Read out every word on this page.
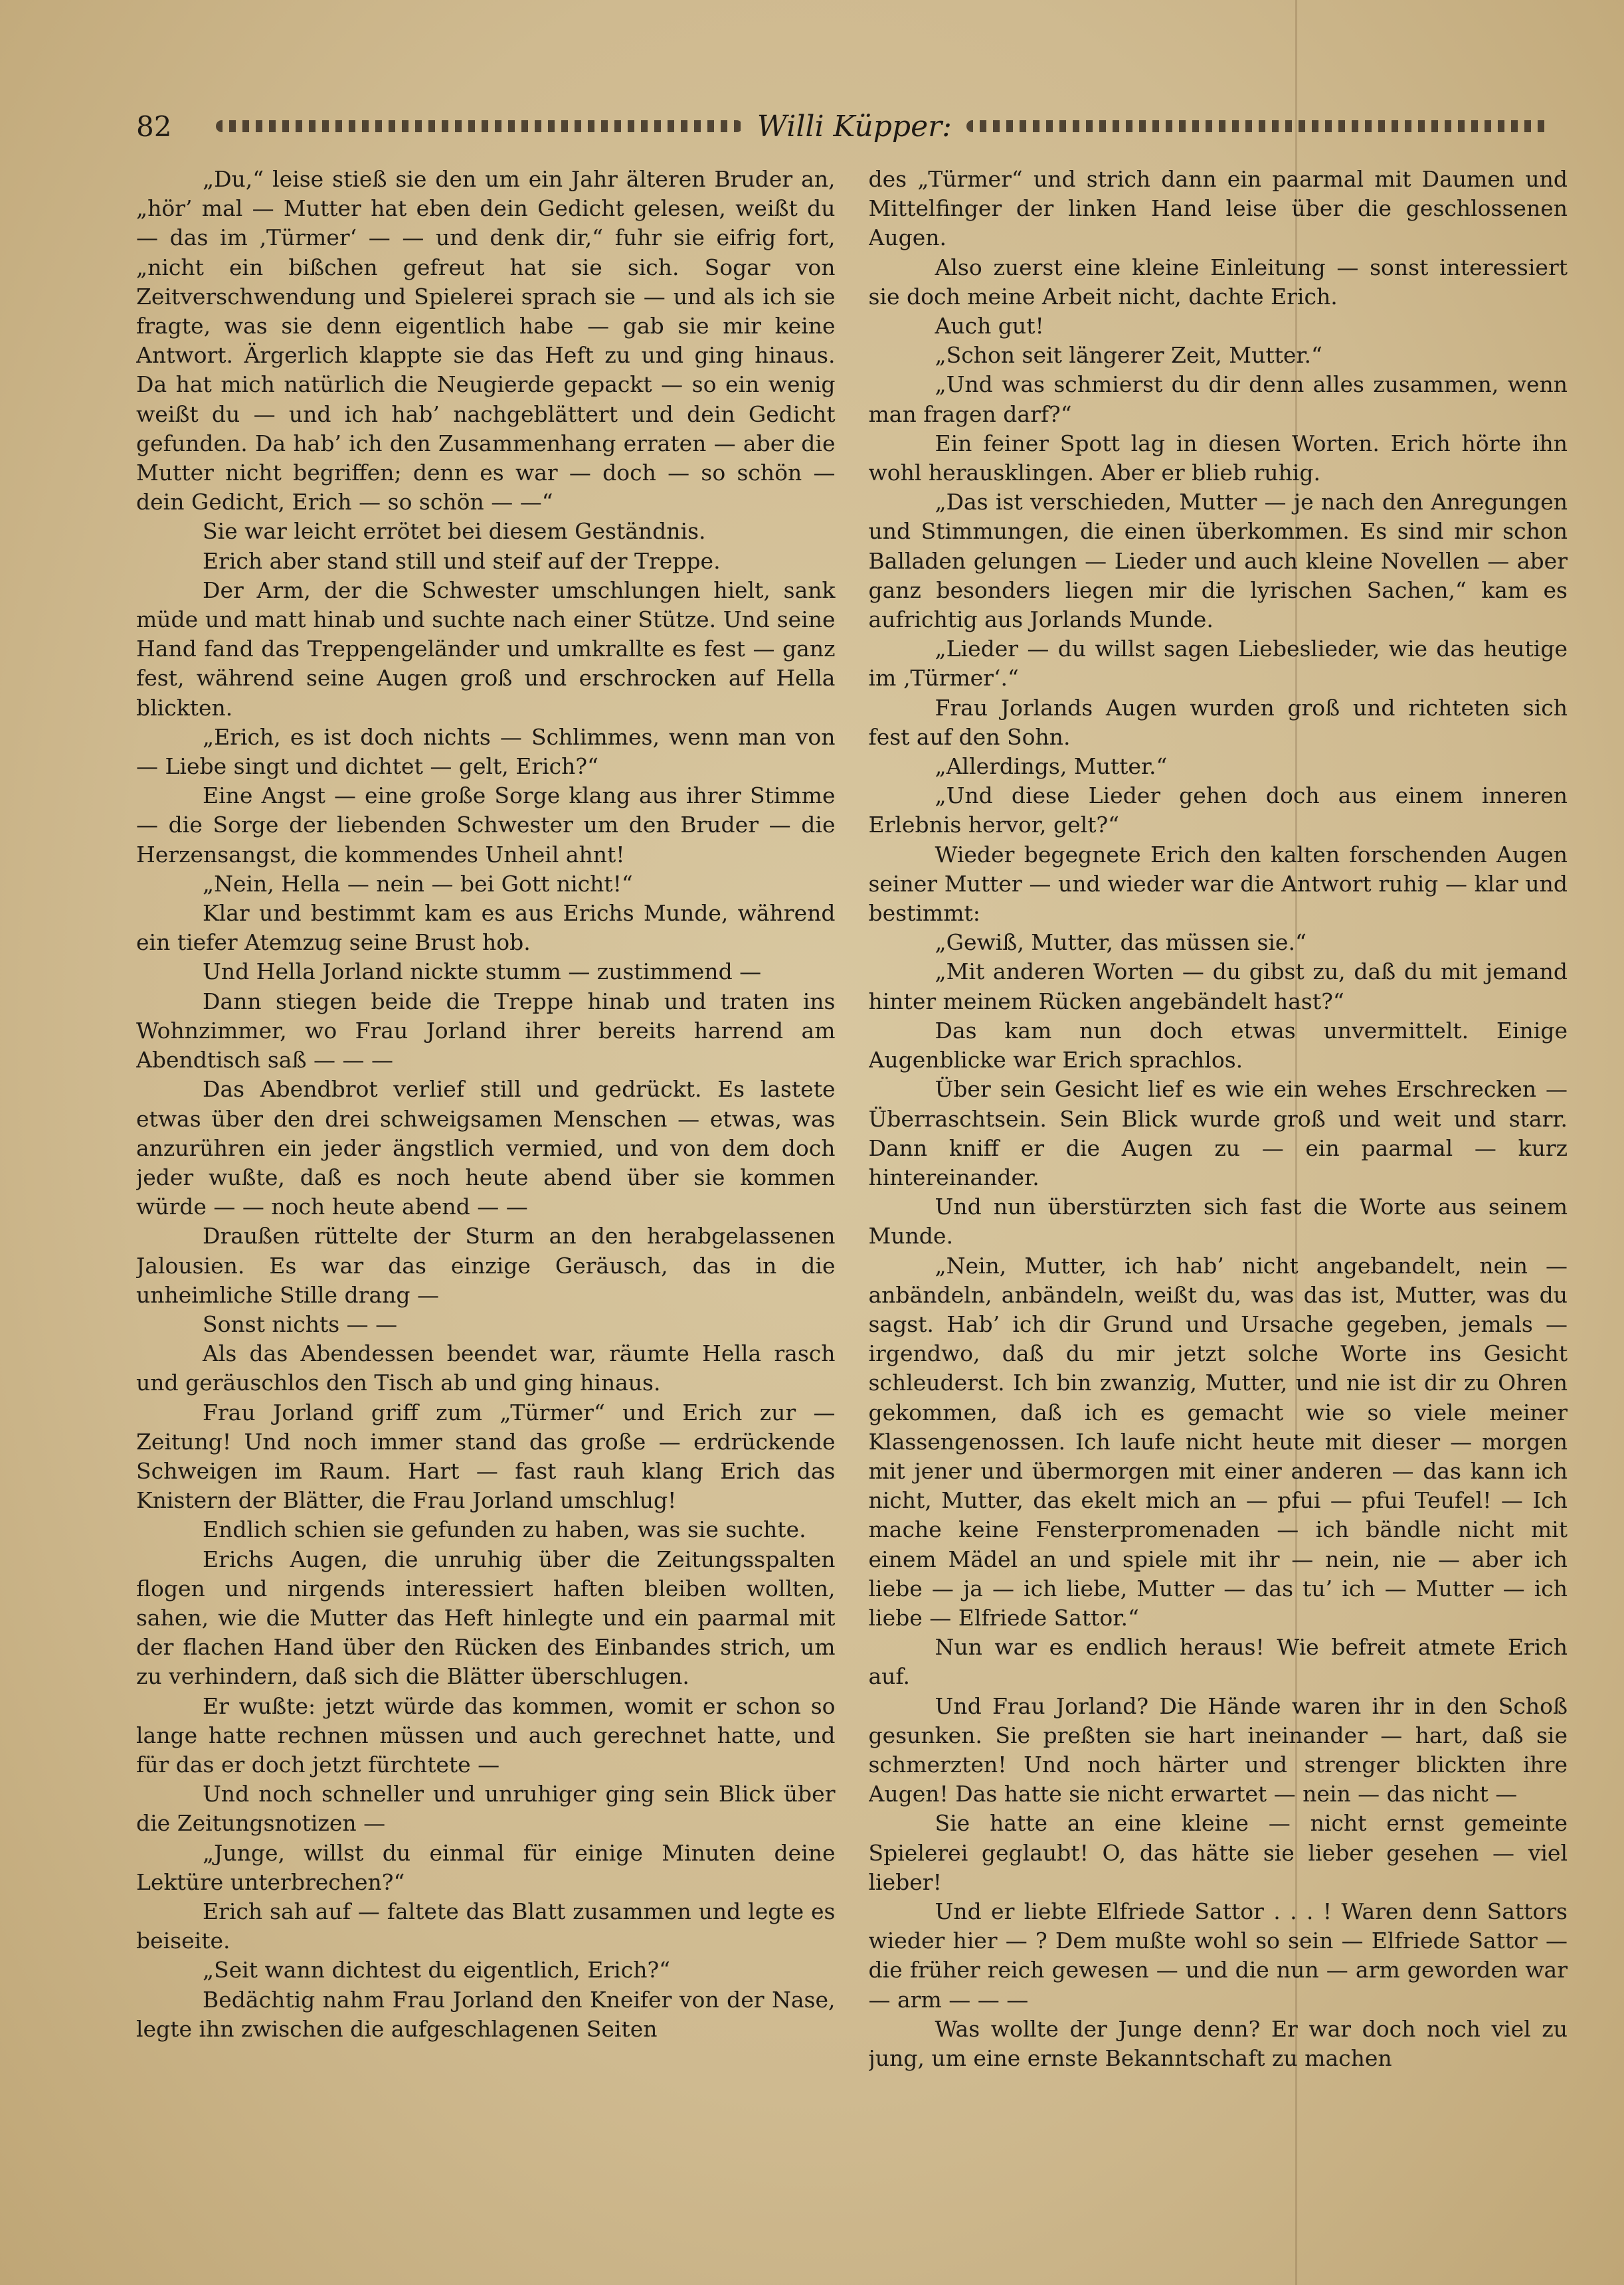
82	Willi Küpper:

„Du,“ leise stieß sie den um ein Jahr älteren Bruder an, „hör’ mal — Mutter hat eben dein Gedicht gelesen, weißt du — das im ‚Türmer‘ — — und denk dir,“ fuhr sie eifrig fort, „nicht ein bißchen gefreut hat sie sich. Sogar von Zeitverschwendung und Spielerei sprach sie — und als ich sie fragte, was sie denn eigentlich habe — gab sie mir keine Antwort. Ärgerlich klappte sie das Heft zu und ging hinaus. Da hat mich natürlich die Neugierde gepackt — so ein wenig weißt du — und ich hab’ nachgeblättert und dein Gedicht gefunden. Da hab’ ich den Zusammenhang erraten — aber die Mutter nicht begriffen; denn es war — doch — so schön — dein Gedicht, Erich — so schön — —“

Sie war leicht errötet bei diesem Geständnis.

Erich aber stand still und steif auf der Treppe.

Der Arm, der die Schwester umschlungen hielt, sank müde und matt hinab und suchte nach einer Stütze. Und seine Hand fand das Treppengeländer und umkrallte es fest — ganz fest, während seine Augen groß und erschrocken auf Hella blickten.

„Erich, es ist doch nichts — Schlimmes, wenn man von — Liebe singt und dichtet — gelt, Erich?“

Eine Angst — eine große Sorge klang aus ihrer Stimme — die Sorge der liebenden Schwester um den Bruder — die Herzensangst, die kommendes Unheil ahnt!

„Nein, Hella — nein — bei Gott nicht!“

Klar und bestimmt kam es aus Erichs Munde, während ein tiefer Atemzug seine Brust hob.

Und Hella Jorland nickte stumm — zustimmend —

Dann stiegen beide die Treppe hinab und traten ins Wohnzimmer, wo Frau Jorland ihrer bereits harrend am Abendtisch saß — — —

Das Abendbrot verlief still und gedrückt. Es lastete etwas über den drei schweigsamen Menschen — etwas, was anzurühren ein jeder ängstlich vermied, und von dem doch jeder wußte, daß es noch heute abend über sie kommen würde — — noch heute abend — —

Draußen rüttelte der Sturm an den herabgelassenen Jalousien. Es war das einzige Geräusch, das in die unheimliche Stille drang —

Sonst nichts — —

Als das Abendessen beendet war, räumte Hella rasch und geräuschlos den Tisch ab und ging hinaus.

Frau Jorland griff zum „Türmer“ und Erich zur — Zeitung! Und noch immer stand das große — erdrückende Schweigen im Raum. Hart — fast rauh klang Erich das Knistern der Blätter, die Frau Jorland umschlug!

Endlich schien sie gefunden zu haben, was sie suchte.

Erichs Augen, die unruhig über die Zeitungsspalten flogen und nirgends interessiert haften bleiben wollten, sahen, wie die Mutter das Heft hinlegte und ein paarmal mit der flachen Hand über den Rücken des Einbandes strich, um zu verhindern, daß sich die Blätter überschlugen.

Er wußte: jetzt würde das kommen, womit er schon so lange hatte rechnen müssen und auch gerechnet hatte, und für das er doch jetzt fürchtete —

Und noch schneller und unruhiger ging sein Blick über die Zeitungsnotizen —

„Junge, willst du einmal für einige Minuten deine Lektüre unterbrechen?“

Erich sah auf — faltete das Blatt zusammen und legte es beiseite.

„Seit wann dichtest du eigentlich, Erich?“

Bedächtig nahm Frau Jorland den Kneifer von der Nase, legte ihn zwischen die aufgeschlagenen Seiten

des „Türmer“ und strich dann ein paarmal mit Daumen und Mittelfinger der linken Hand leise über die geschlossenen Augen.

Also zuerst eine kleine Einleitung — sonst interessiert sie doch meine Arbeit nicht, dachte Erich.

Auch gut!

„Schon seit längerer Zeit, Mutter.“

„Und was schmierst du dir denn alles zusammen, wenn man fragen darf?“

Ein feiner Spott lag in diesen Worten. Erich hörte ihn wohl herausklingen. Aber er blieb ruhig.

„Das ist verschieden, Mutter — je nach den Anregungen und Stimmungen, die einen überkommen. Es sind mir schon Balladen gelungen — Lieder und auch kleine Novellen — aber ganz besonders liegen mir die lyrischen Sachen,“ kam es aufrichtig aus Jorlands Munde.

„Lieder — du willst sagen Liebeslieder, wie das heutige im ‚Türmer‘.“

Frau Jorlands Augen wurden groß und richteten sich fest auf den Sohn.

„Allerdings, Mutter.“

„Und diese Lieder gehen doch aus einem inneren Erlebnis hervor, gelt?“

Wieder begegnete Erich den kalten forschenden Augen seiner Mutter — und wieder war die Antwort ruhig — klar und bestimmt:

„Gewiß, Mutter, das müssen sie.“

„Mit anderen Worten — du gibst zu, daß du mit jemand hinter meinem Rücken angebändelt hast?“

Das kam nun doch etwas unvermittelt. Einige Augenblicke war Erich sprachlos.

Über sein Gesicht lief es wie ein wehes Erschrecken — Überraschtsein. Sein Blick wurde groß und weit und starr. Dann kniff er die Augen zu — ein paarmal — kurz hintereinander.

Und nun überstürzten sich fast die Worte aus seinem Munde.

„Nein, Mutter, ich hab’ nicht angebandelt, nein — anbändeln, anbändeln, weißt du, was das ist, Mutter, was du sagst. Hab’ ich dir Grund und Ursache gegeben, jemals — irgendwo, daß du mir jetzt solche Worte ins Gesicht schleuderst. Ich bin zwanzig, Mutter, und nie ist dir zu Ohren gekommen, daß ich es gemacht wie so viele meiner Klassengenossen. Ich laufe nicht heute mit dieser — morgen mit jener und übermorgen mit einer anderen — das kann ich nicht, Mutter, das ekelt mich an — pfui — pfui Teufel! — Ich mache keine Fensterpromenaden — ich bändle nicht mit einem Mädel an und spiele mit ihr — nein, nie — aber ich liebe — ja — ich liebe, Mutter — das tu’ ich — Mutter — ich liebe — Elfriede Sattor.“

Nun war es endlich heraus! Wie befreit atmete Erich auf.

Und Frau Jorland? Die Hände waren ihr in den Schoß gesunken. Sie preßten sie hart ineinander — hart, daß sie schmerzten! Und noch härter und strenger blickten ihre Augen! Das hatte sie nicht erwartet — nein — das nicht —

Sie hatte an eine kleine — nicht ernst gemeinte Spielerei geglaubt! O, das hätte sie lieber gesehen — viel lieber!

Und er liebte Elfriede Sattor . . . ! Waren denn Sattors wieder hier — ? Dem mußte wohl so sein — Elfriede Sattor — die früher reich gewesen — und die nun — arm geworden war — arm — — —

Was wollte der Junge denn? Er war doch noch viel zu jung, um eine ernste Bekanntschaft zu machen
